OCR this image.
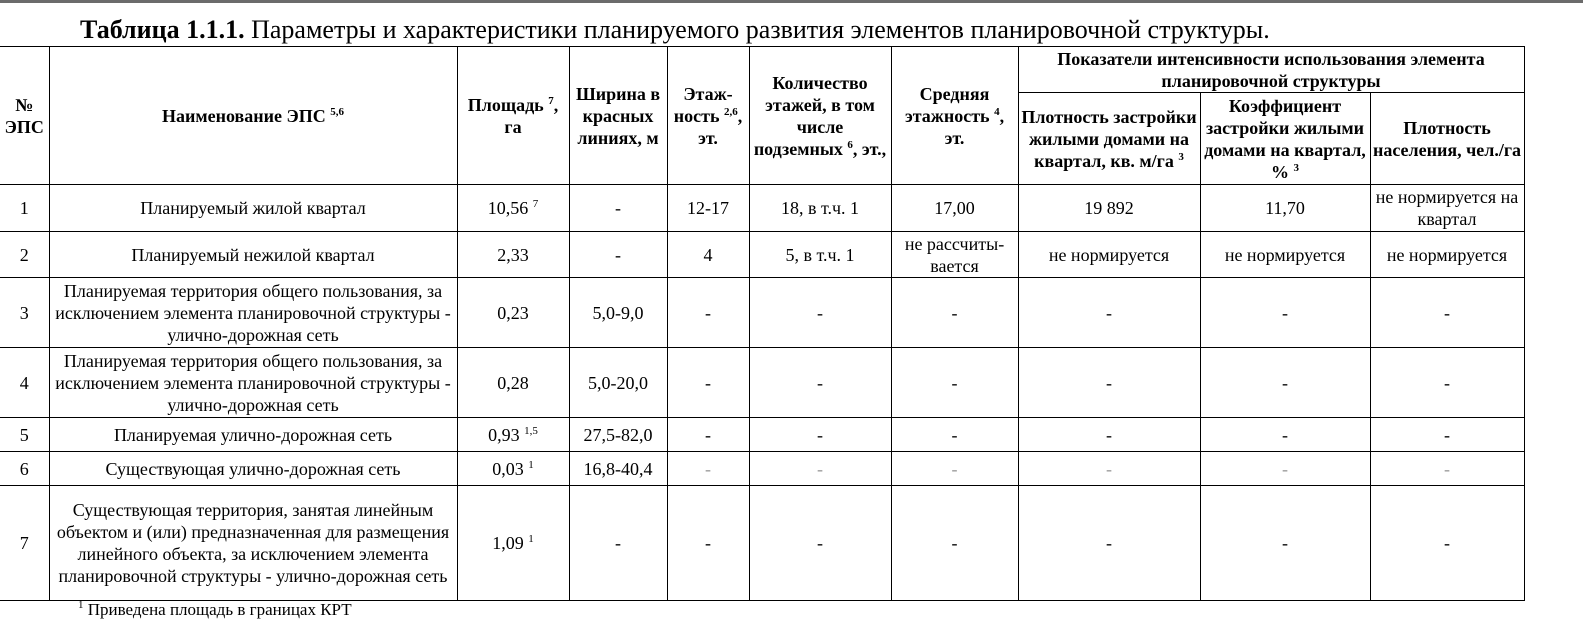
Таблица 1.1.1. Параметры и характеристики планируемого развития элементов планировочной структуры.
№ ЭПС	Наименование ЭПС $^{5,6}$	Площадь $^7$, га	Ширина в красных линиях, м	Этаж-ность $^{2,6}$, эт.	Количество этажей, в том числе подземных $^6$, эт.,	Средняя этажность $^4$, эт.	Показатели интенсивности использования элемента планировочной структуры		
							Плотность застройки жилыми домами на квартал, кв. м/га $^3$	Коэффициент застройки жилыми домами на квартал, % $^3$	Плотность населения, чел./га
1	Планируемый жилой квартал	10,56 $^7$	-	12-17	18, в т.ч. 1	17,00	19 892	11,70	не нормируется на квартал
2	Планируемый нежилой квартал	2,33	-	4	5, в т.ч. 1	не рассчиты-вается	не нормируется	не нормируется	не нормируется
3	Планируемая территория общего пользования, за исключением элемента планировочной структуры - улично-дорожная сеть	0,23	5,0-9,0	-	-	-	-	-	-
4	Планируемая территория общего пользования, за исключением элемента планировочной структуры - улично-дорожная сеть	0,28	5,0-20,0	-	-	-	-	-	-
5	Планируемая улично-дорожная сеть	0,93 $^{1,5}$	27,5-82,0	-	-	-	-	-	-
6	Существующая улично-дорожная сеть	0,03 $^1$	16,8-40,4	-	-	-	-	-	-
7	Существующая территория, занятая линейным объектом и (или) предназначенная для размещения линейного объекта, за исключением элемента планировочной структуры - улично-дорожная сеть	1,09 $^1$	-	-	-	-	-	-	-
$^1$ Приведена площадь в границах КРТ
